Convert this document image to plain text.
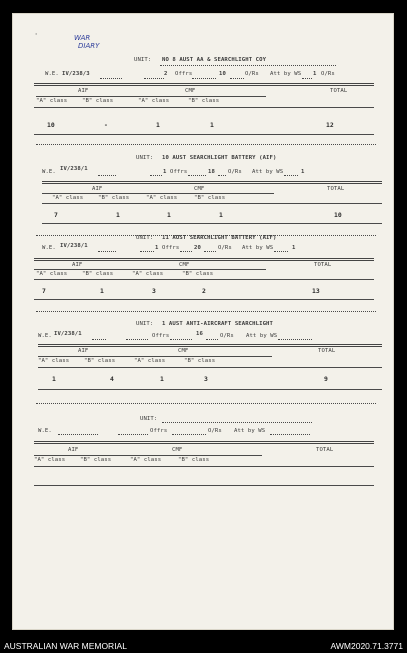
WAR
DIARY
'
UNIT: NO 8 AUST AA & SEARCHLIGHT COY
W.E. IV/238/3	2 Offrs	10	O/Rs Att by WS 1 O/Rs
AIF	CMF	TOTAL
"A" class	"B" class	"A" class	"B" class
10	-	1	1	12
UNIT: 10 AUST SEARCHLIGHT BATTERY (AIF)
W.E. IV/238/1	1 Offrs	18 O/Rs Att by WS	1
AIF	CMF	TOTAL
"A" class	"B" class	"A" class	"B" class
7	1	1	1	10
UNIT: 11 AUST SEARCHLIGHT BATTERY (AIF)
W.E. IV/238/1	1 Offrs	20	O/Rs Att by WS	1
AIF	CMF	TOTAL
"A" class	"B" class	"A" class	"B" class
7	1	3	2	13
UNIT: 1 AUST ANTI-AIRCRAFT SEARCHLIGHT
W.E. IV/238/1	Offrs	16	O/Rs Att by WS
AIF	CMF	TOTAL
"A" class	"B" class	"A" class	"B" class
1	4	1	3	9
UNIT:
W.E.	Offrs	O/Rs Att by WS
AIF	CMF	TOTAL
"A" class	"B" class	"A" class	"B" class
AUSTRALIAN WAR MEMORIAL	AWM2020.71.3771
